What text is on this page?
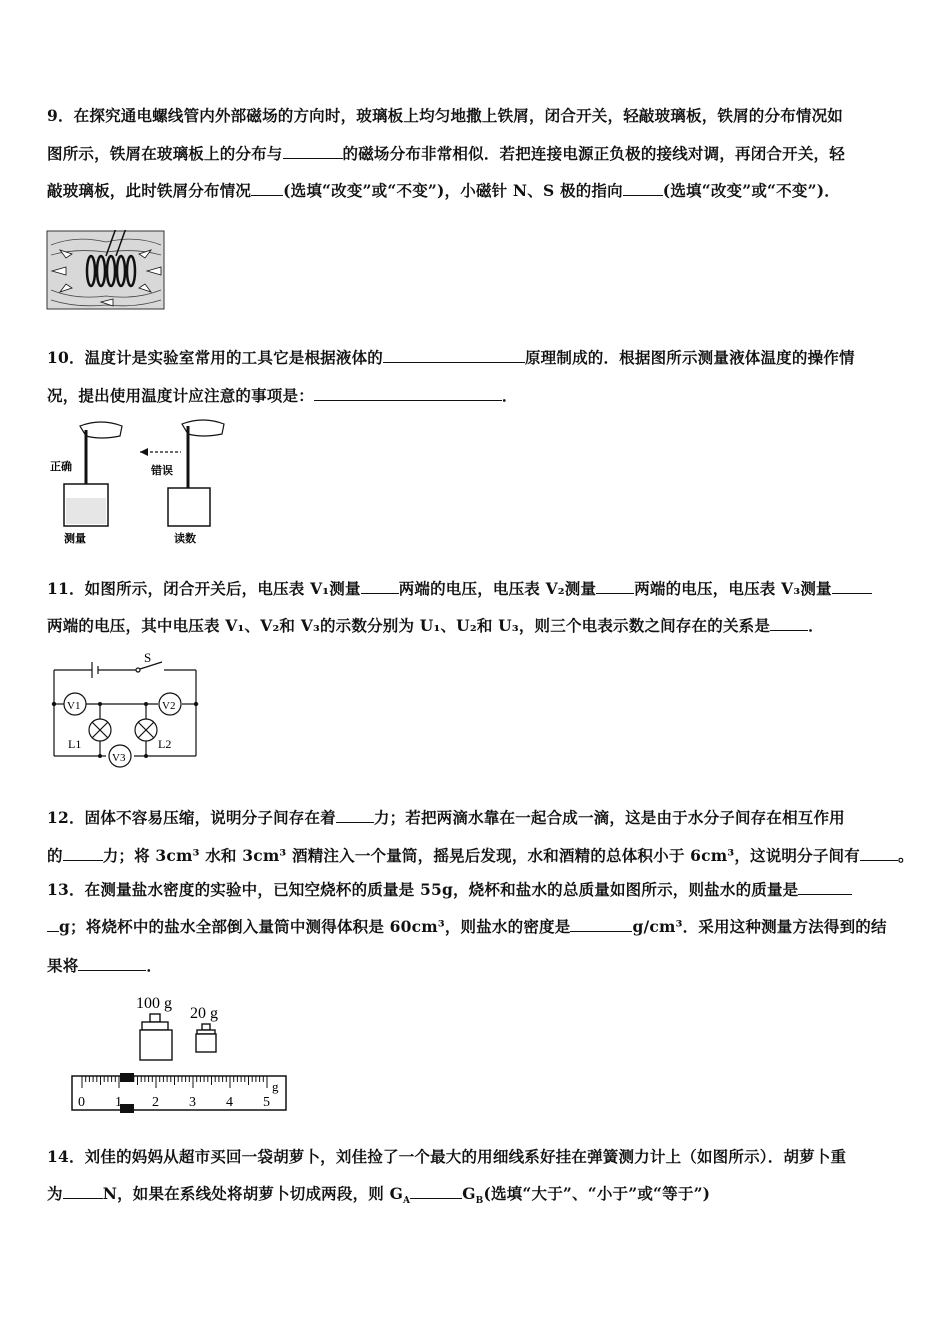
9．在探究通电螺线管内外部磁场的方向时，玻璃板上均匀地撒上铁屑，闭合开关，轻敲玻璃板，铁屑的分布情况如
图所示，铁屑在玻璃板上的分布与	的磁场分布非常相似．若把连接电源正负极的接线对调，再闭合开关，轻
敲玻璃板，此时铁屑分布情况 (选填“改变”或“不变”)，小磁针 N、S 极的指向	(选填“改变”或“不变”)．
10．温度计是实验室常用的工具它是根据液体的	原理制成的．根据图所示测量液体温度的操作情
况，提出使用温度计应注意的事项是：	．
正确	错误
测量	读数
11．如图所示，闭合开关后，电压表 V₁测量 两端的电压，电压表 V₂测量 两端的电压，电压表 V₃测量
两端的电压，其中电压表 V₁、V₂和 V₃的示数分别为 U₁、U₂和 U₃，则三个电表示数之间存在的关系是 ．
S
V1	V2
V3
L1	L2
12．固体不容易压缩，说明分子间存在着 力；若把两滴水靠在一起合成一滴，这是由于水分子间存在相互作用
的	力；将 3cm³ 水和 3cm³ 酒精注入一个量筒，摇晃后发现，水和酒精的总体积小于 6cm³，这说明分子间有 。
13．在测量盐水密度的实验中，已知空烧杯的质量是 55g，烧杯和盐水的总质量如图所示，则盐水的质量是
g；将烧杯中的盐水全部倒入量筒中测得体积是 60cm³，则盐水的密度是	g/cm³．采用这种测量方法得到的结
果将	．
100 g
20 g
g
0 1 2 3 4 5
14．刘佳的妈妈从超市买回一袋胡萝卜，刘佳捡了一个最大的用细线系好挂在弹簧测力计上（如图所示）．胡萝卜重
为	N，如果在系线处将胡萝卜切成两段，则 $G_A$	$G_B$(选填“大于”、“小于”或“等于”)
